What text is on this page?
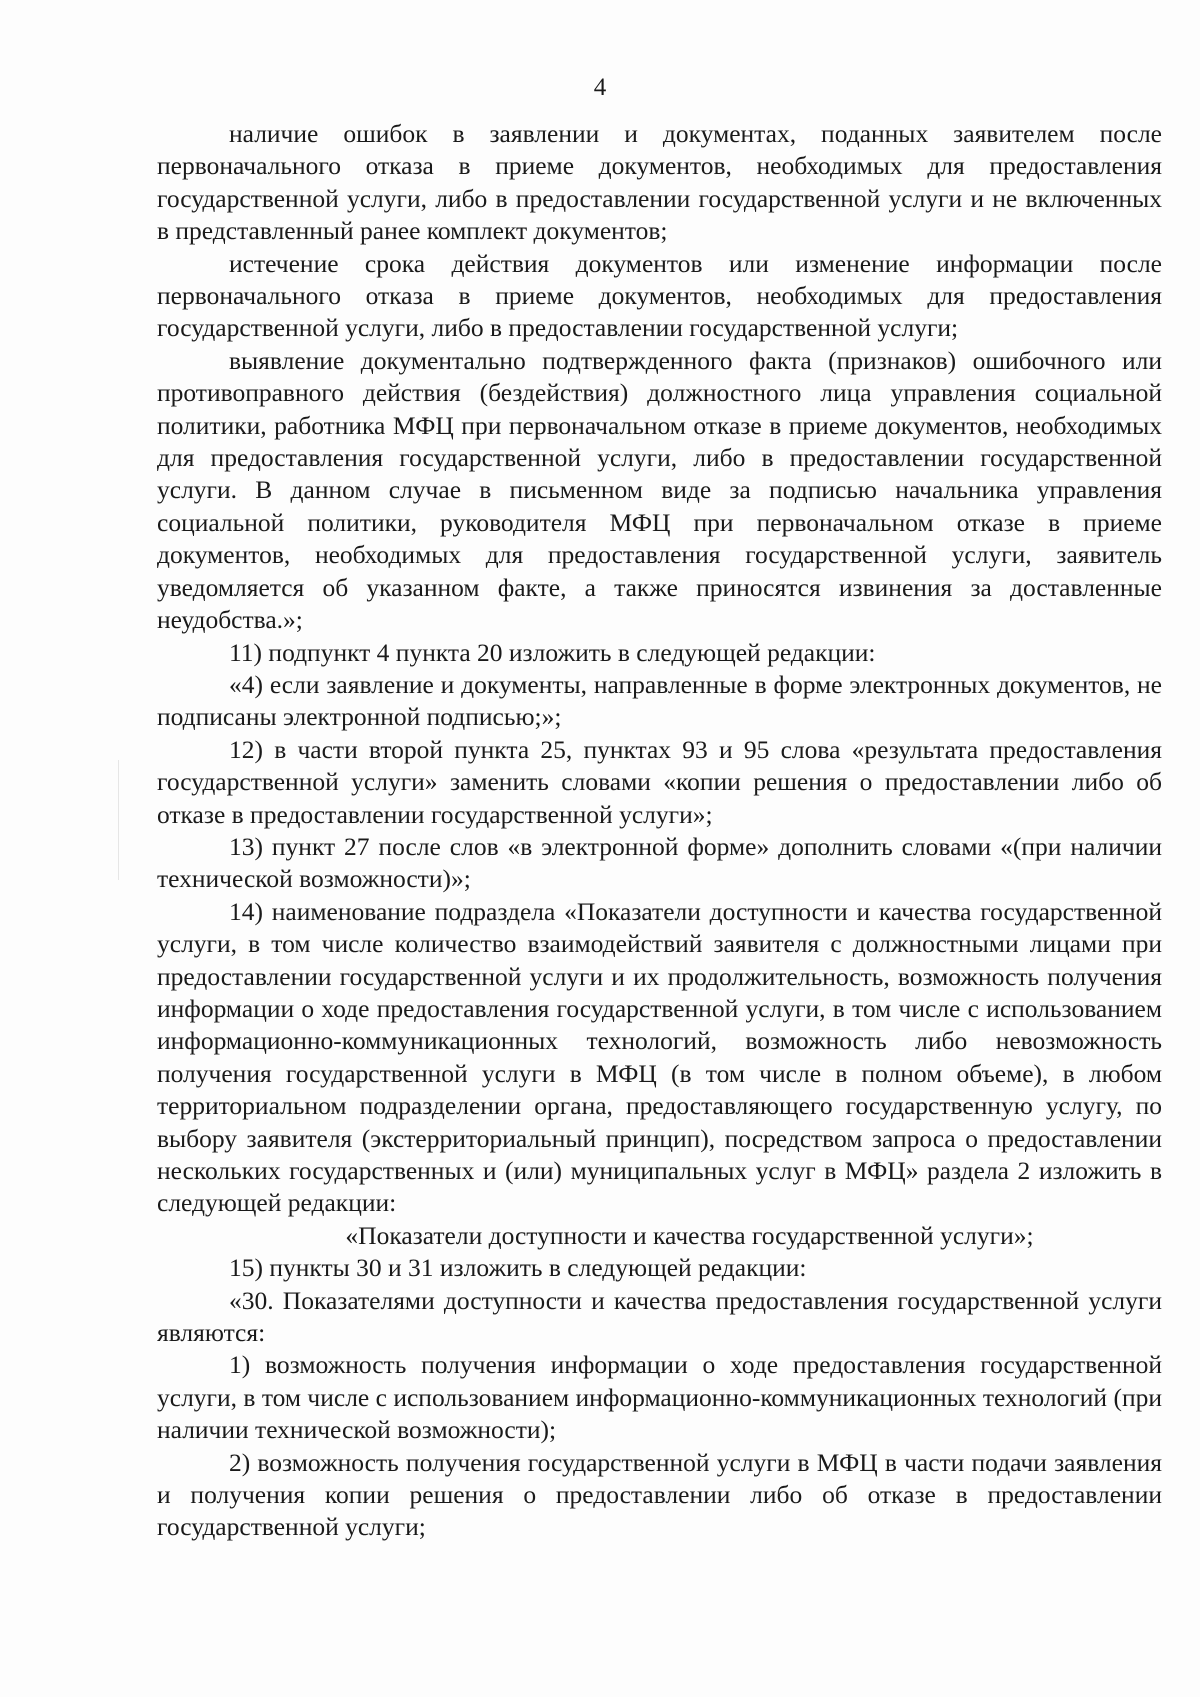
4

наличие ошибок в заявлении и документах, поданных заявителем после первоначального отказа в приеме документов, необходимых для предоставления государственной услуги, либо в предоставлении государственной услуги и не включенных в представленный ранее комплект документов;

истечение срока действия документов или изменение информации после первоначального отказа в приеме документов, необходимых для предоставления государственной услуги, либо в предоставлении государственной услуги;

выявление документально подтвержденного факта (признаков) ошибочного или противоправного действия (бездействия) должностного лица управления социальной политики, работника МФЦ при первоначальном отказе в приеме документов, необходимых для предоставления государственной услуги, либо в предоставлении государственной услуги. В данном случае в письменном виде за подписью начальника управления социальной политики, руководителя МФЦ при первоначальном отказе в приеме документов, необходимых для предоставления государственной услуги, заявитель уведомляется об указанном факте, а также приносятся извинения за доставленные неудобства.»;

11) подпункт 4 пункта 20 изложить в следующей редакции:

«4) если заявление и документы, направленные в форме электронных документов, не подписаны электронной подписью;»;

12) в части второй пункта 25, пунктах 93 и 95 слова «результата предоставления государственной услуги» заменить словами «копии решения о предоставлении либо об отказе в предоставлении государственной услуги»;

13) пункт 27 после слов «в электронной форме» дополнить словами «(при наличии технической возможности)»;

14) наименование подраздела «Показатели доступности и качества государственной услуги, в том числе количество взаимодействий заявителя с должностными лицами при предоставлении государственной услуги и их продолжительность, возможность получения информации о ходе предоставления государственной услуги, в том числе с использованием информационно-коммуникационных технологий, возможность либо невозможность получения государственной услуги в МФЦ (в том числе в полном объеме), в любом территориальном подразделении органа, предоставляющего государственную услугу, по выбору заявителя (экстерриториальный принцип), посредством запроса о предоставлении нескольких государственных и (или) муниципальных услуг в МФЦ» раздела 2 изложить в следующей редакции:

«Показатели доступности и качества государственной услуги»;

15) пункты 30 и 31 изложить в следующей редакции:

«30. Показателями доступности и качества предоставления государственной услуги являются:

1) возможность получения информации о ходе предоставления государственной услуги, в том числе с использованием информационно-коммуникационных технологий (при наличии технической возможности);

2) возможность получения государственной услуги в МФЦ в части подачи заявления и получения копии решения о предоставлении либо об отказе в предоставлении государственной услуги;
